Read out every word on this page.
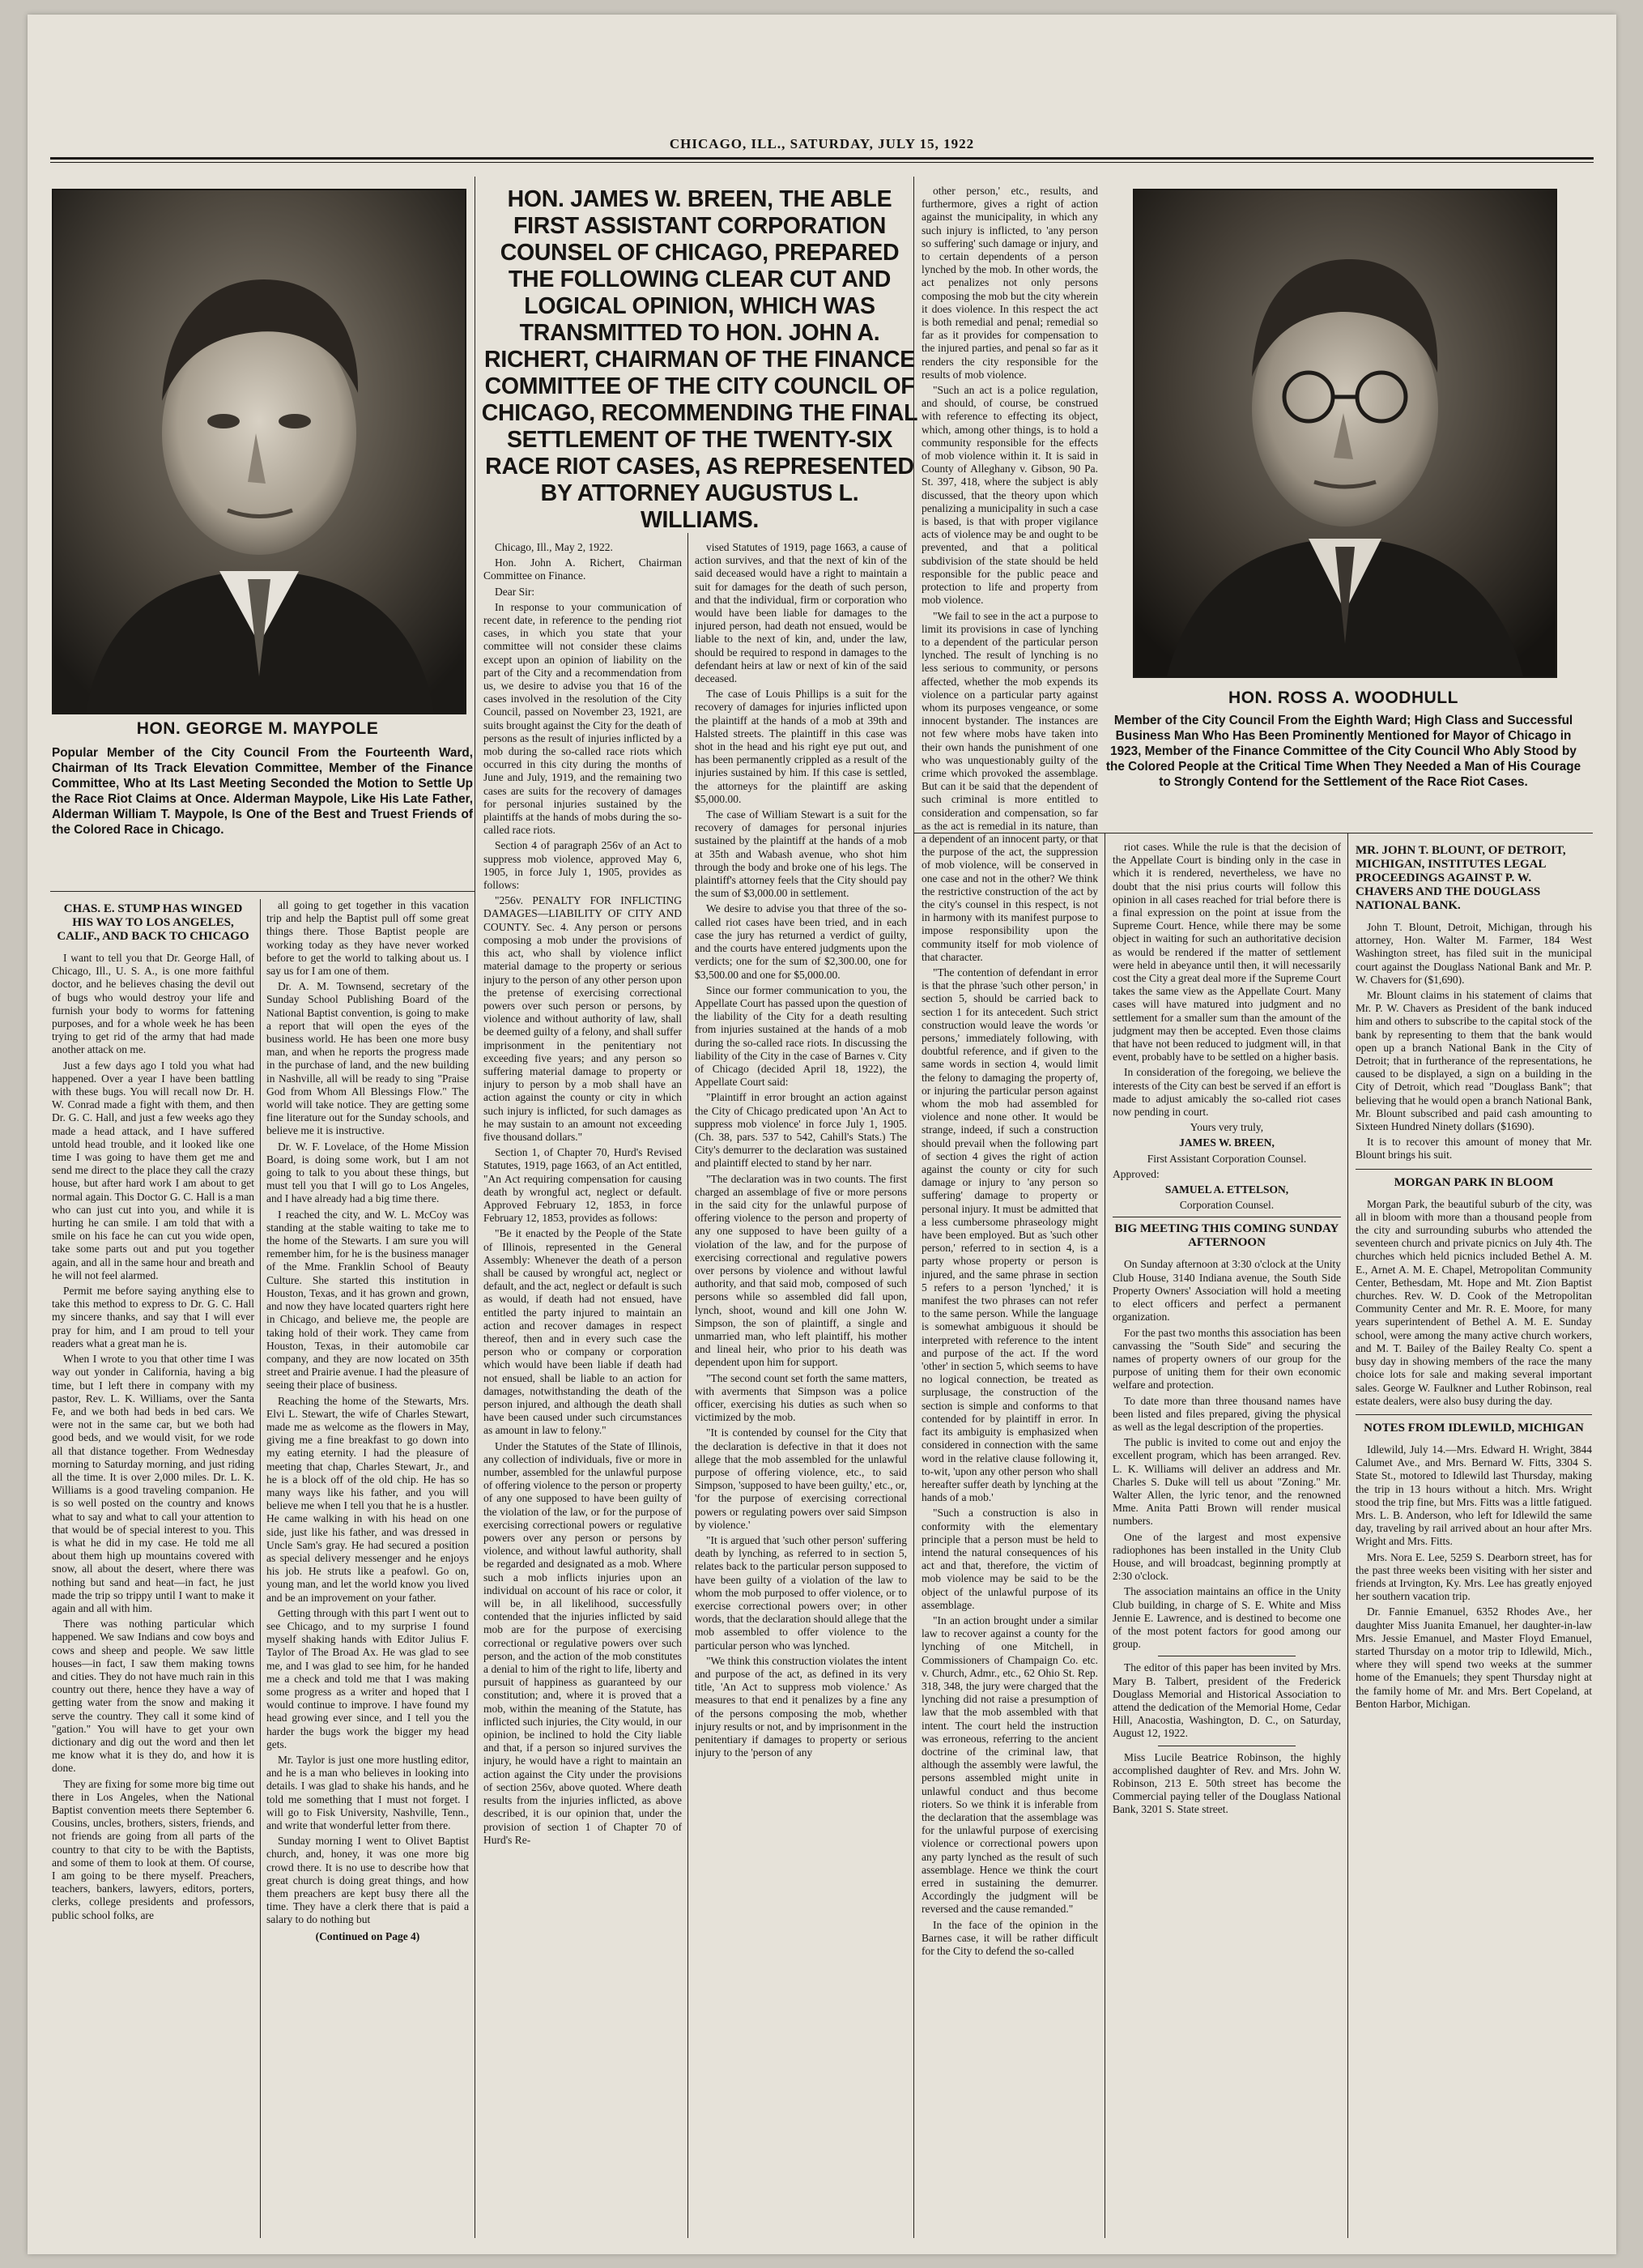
CHICAGO, ILL., SATURDAY, JULY 15, 1922
HON. GEORGE M. MAYPOLE
Popular Member of the City Council From the Fourteenth Ward, Chairman of Its Track Elevation Committee, Member of the Finance Committee, Who at Its Last Meeting Seconded the Motion to Settle Up the Race Riot Claims at Once. Alderman Maypole, Like His Late Father, Alderman William T. Maypole, Is One of the Best and Truest Friends of the Colored Race in Chicago.
HON. ROSS A. WOODHULL
Member of the City Council From the Eighth Ward; High Class and Successful Business Man Who Has Been Prominently Mentioned for Mayor of Chicago in 1923, Member of the Finance Committee of the City Council Who Ably Stood by the Colored People at the Critical Time When They Needed a Man of His Courage to Strongly Contend for the Settlement of the Race Riot Cases.
HON. JAMES W. BREEN, THE ABLE FIRST ASSISTANT CORPORATION COUNSEL OF CHICAGO, PREPARED THE FOLLOWING CLEAR CUT AND LOGICAL OPINION, WHICH WAS TRANSMITTED TO HON. JOHN A. RICHERT, CHAIRMAN OF THE FINANCE COMMITTEE OF THE CITY COUNCIL OF CHICAGO, RECOMMENDING THE FINAL SETTLEMENT OF THE TWENTY-SIX RACE RIOT CASES, AS REPRESENTED BY ATTORNEY AUGUSTUS L. WILLIAMS.

Chicago, Ill., May 2, 1922.

Hon. John A. Richert, Chairman Committee on Finance.

Dear Sir:

In response to your communication of recent date, in reference to the pending riot cases, in which you state that your committee will not consider these claims except upon an opinion of liability on the part of the City and a recommendation from us, we desire to advise you that 16 of the cases involved in the resolution of the City Council, passed on November 23, 1921, are suits brought against the City for the death of persons as the result of injuries inflicted by a mob during the so-called race riots which occurred in this city during the months of June and July, 1919, and the remaining two cases are suits for the recovery of damages for personal injuries sustained by the plaintiffs at the hands of mobs during the so-called race riots.

Section 4 of paragraph 256v of an Act to suppress mob violence, approved May 6, 1905, in force July 1, 1905, provides as follows:

"256v. PENALTY FOR INFLICTING DAMAGES—LIABILITY OF CITY AND COUNTY. Sec. 4. Any person or persons composing a mob under the provisions of this act, who shall by violence inflict material damage to the property or serious injury to the person of any other person upon the pretense of exercising correctional powers over such person or persons, by violence and without authority of law, shall be deemed guilty of a felony, and shall suffer imprisonment in the penitentiary not exceeding five years; and any person so suffering material damage to property or injury to person by a mob shall have an action against the county or city in which such injury is inflicted, for such damages as he may sustain to an amount not exceeding five thousand dollars."

Section 1, of Chapter 70, Hurd's Revised Statutes, 1919, page 1663, of an Act entitled, "An Act requiring compensation for causing death by wrongful act, neglect or default. Approved February 12, 1853, in force February 12, 1853, provides as follows:

"Be it enacted by the People of the State of Illinois, represented in the General Assembly: Whenever the death of a person shall be caused by wrongful act, neglect or default, and the act, neglect or default is such as would, if death had not ensued, have entitled the party injured to maintain an action and recover damages in respect thereof, then and in every such case the person who or company or corporation which would have been liable if death had not ensued, shall be liable to an action for damages, notwithstanding the death of the person injured, and although the death shall have been caused under such circumstances as amount in law to felony."

Under the Statutes of the State of Illinois, any collection of individuals, five or more in number, assembled for the unlawful purpose of offering violence to the person or property of any one supposed to have been guilty of the violation of the law, or for the purpose of exercising correctional powers or regulative powers over any person or persons by violence, and without lawful authority, shall be regarded and designated as a mob. Where such a mob inflicts injuries upon an individual on account of his race or color, it will be, in all likelihood, successfully contended that the injuries inflicted by said mob are for the purpose of exercising correctional or regulative powers over such person, and the action of the mob constitutes a denial to him of the right to life, liberty and pursuit of happiness as guaranteed by our constitution; and, where it is proved that a mob, within the meaning of the Statute, has inflicted such injuries, the City would, in our opinion, be inclined to hold the City liable and that, if a person so injured survives the injury, he would have a right to maintain an action against the City under the provisions of section 256v, above quoted. Where death results from the injuries inflicted, as above described, it is our opinion that, under the provision of section 1 of Chapter 70 of Hurd's Re-

vised Statutes of 1919, page 1663, a cause of action survives, and that the next of kin of the said deceased would have a right to maintain a suit for damages for the death of such person, and that the individual, firm or corporation who would have been liable for damages to the injured person, had death not ensued, would be liable to the next of kin, and, under the law, should be required to respond in damages to the defendant heirs at law or next of kin of the said deceased.

The case of Louis Phillips is a suit for the recovery of damages for injuries inflicted upon the plaintiff at the hands of a mob at 39th and Halsted streets. The plaintiff in this case was shot in the head and his right eye put out, and has been permanently crippled as a result of the injuries sustained by him. If this case is settled, the attorneys for the plaintiff are asking $5,000.00.

The case of William Stewart is a suit for the recovery of damages for personal injuries sustained by the plaintiff at the hands of a mob at 35th and Wabash avenue, who shot him through the body and broke one of his legs. The plaintiff's attorney feels that the City should pay the sum of $3,000.00 in settlement.

We desire to advise you that three of the so-called riot cases have been tried, and in each case the jury has returned a verdict of guilty, and the courts have entered judgments upon the verdicts; one for the sum of $2,300.00, one for $3,500.00 and one for $5,000.00.

Since our former communication to you, the Appellate Court has passed upon the question of the liability of the City for a death resulting from injuries sustained at the hands of a mob during the so-called race riots. In discussing the liability of the City in the case of Barnes v. City of Chicago (decided April 18, 1922), the Appellate Court said:

"Plaintiff in error brought an action against the City of Chicago predicated upon 'An Act to suppress mob violence' in force July 1, 1905. (Ch. 38, pars. 537 to 542, Cahill's Stats.) The City's demurrer to the declaration was sustained and plaintiff elected to stand by her narr.

"The declaration was in two counts. The first charged an assemblage of five or more persons in the said city for the unlawful purpose of offering violence to the person and property of any one supposed to have been guilty of a violation of the law, and for the purpose of exercising correctional and regulative powers over persons by violence and without lawful authority, and that said mob, composed of such persons while so assembled did fall upon, lynch, shoot, wound and kill one John W. Simpson, the son of plaintiff, a single and unmarried man, who left plaintiff, his mother and lineal heir, who prior to his death was dependent upon him for support.

"The second count set forth the same matters, with averments that Simpson was a police officer, exercising his duties as such when so victimized by the mob.

"It is contended by counsel for the City that the declaration is defective in that it does not allege that the mob assembled for the unlawful purpose of offering violence, etc., to said Simpson, 'supposed to have been guilty,' etc., or, 'for the purpose of exercising correctional powers or regulating powers over said Simpson by violence.'

"It is argued that 'such other person' suffering death by lynching, as referred to in section 5, relates back to the particular person supposed to have been guilty of a violation of the law to whom the mob purposed to offer violence, or to exercise correctional powers over; in other words, that the declaration should allege that the mob assembled to offer violence to the particular person who was lynched.

"We think this construction violates the intent and purpose of the act, as defined in its very title, 'An Act to suppress mob violence.' As measures to that end it penalizes by a fine any of the persons composing the mob, whether injury results or not, and by imprisonment in the penitentiary if damages to property or serious injury to the 'person of any

other person,' etc., results, and furthermore, gives a right of action against the municipality, in which any such injury is inflicted, to 'any person so suffering' such damage or injury, and to certain dependents of a person lynched by the mob. In other words, the act penalizes not only persons composing the mob but the city wherein it does violence. In this respect the act is both remedial and penal; remedial so far as it provides for compensation to the injured parties, and penal so far as it renders the city responsible for the results of mob violence.

"Such an act is a police regulation, and should, of course, be construed with reference to effecting its object, which, among other things, is to hold a community responsible for the effects of mob violence within it. It is said in County of Alleghany v. Gibson, 90 Pa. St. 397, 418, where the subject is ably discussed, that the theory upon which penalizing a municipality in such a case is based, is that with proper vigilance acts of violence may be and ought to be prevented, and that a political subdivision of the state should be held responsible for the public peace and protection to life and property from mob violence.

"We fail to see in the act a purpose to limit its provisions in case of lynching to a dependent of the particular person lynched. The result of lynching is no less serious to community, or persons affected, whether the mob expends its violence on a particular party against whom its purposes vengeance, or some innocent bystander. The instances are not few where mobs have taken into their own hands the punishment of one who was unquestionably guilty of the crime which provoked the assemblage. But can it be said that the dependent of such criminal is more entitled to consideration and compensation, so far as the act is remedial in its nature, than a dependent of an innocent party, or that the purpose of the act, the suppression of mob violence, will be conserved in one case and not in the other? We think the restrictive construction of the act by the city's counsel in this respect, is not in harmony with its manifest purpose to impose responsibility upon the community itself for mob violence of that character.

"The contention of defendant in error is that the phrase 'such other person,' in section 5, should be carried back to section 1 for its antecedent. Such strict construction would leave the words 'or persons,' immediately following, with doubtful reference, and if given to the same words in section 4, would limit the felony to damaging the property of, or injuring the particular person against whom the mob had assembled for violence and none other. It would be strange, indeed, if such a construction should prevail when the following part of section 4 gives the right of action against the county or city for such damage or injury to 'any person so suffering' damage to property or personal injury. It must be admitted that a less cumbersome phraseology might have been employed. But as 'such other person,' referred to in section 4, is a party whose property or person is injured, and the same phrase in section 5 refers to a person 'lynched,' it is manifest the two phrases can not refer to the same person. While the language is somewhat ambiguous it should be interpreted with reference to the intent and purpose of the act. If the word 'other' in section 5, which seems to have no logical connection, be treated as surplusage, the construction of the section is simple and conforms to that contended for by plaintiff in error. In fact its ambiguity is emphasized when considered in connection with the same word in the relative clause following it, to-wit, 'upon any other person who shall hereafter suffer death by lynching at the hands of a mob.'

"Such a construction is also in conformity with the elementary principle that a person must be held to intend the natural consequences of his act and that, therefore, the victim of mob violence may be said to be the object of the unlawful purpose of its assemblage.

"In an action brought under a similar law to recover against a county for the lynching of one Mitchell, in Commissioners of Champaign Co. etc. v. Church, Admr., etc., 62 Ohio St. Rep. 318, 348, the jury were charged that the lynching did not raise a presumption of law that the mob assembled with that intent. The court held the instruction was erroneous, referring to the ancient doctrine of the criminal law, that although the assembly were lawful, the persons assembled might unite in unlawful conduct and thus become rioters. So we think it is inferable from the declaration that the assemblage was for the unlawful purpose of exercising violence or correctional powers upon any party lynched as the result of such assemblage. Hence we think the court erred in sustaining the demurrer. Accordingly the judgment will be reversed and the cause remanded."

In the face of the opinion in the Barnes case, it will be rather difficult for the City to defend the so-called

riot cases. While the rule is that the decision of the Appellate Court is binding only in the case in which it is rendered, nevertheless, we have no doubt that the nisi prius courts will follow this opinion in all cases reached for trial before there is a final expression on the point at issue from the Supreme Court. Hence, while there may be some object in waiting for such an authoritative decision as would be rendered if the matter of settlement were held in abeyance until then, it will necessarily cost the City a great deal more if the Supreme Court takes the same view as the Appellate Court. Many cases will have matured into judgment and no settlement for a smaller sum than the amount of the judgment may then be accepted. Even those claims that have not been reduced to judgment will, in that event, probably have to be settled on a higher basis.

In consideration of the foregoing, we believe the interests of the City can best be served if an effort is made to adjust amicably the so-called riot cases now pending in court.

Yours very truly,

JAMES W. BREEN,

First Assistant Corporation Counsel.

Approved:

SAMUEL A. ETTELSON,

Corporation Counsel.

BIG MEETING THIS COMING SUNDAY AFTERNOON

On Sunday afternoon at 3:30 o'clock at the Unity Club House, 3140 Indiana avenue, the South Side Property Owners' Association will hold a meeting to elect officers and perfect a permanent organization.

For the past two months this association has been canvassing the "South Side" and securing the names of property owners of our group for the purpose of uniting them for their own economic welfare and protection.

To date more than three thousand names have been listed and files prepared, giving the physical as well as the legal description of the properties.

The public is invited to come out and enjoy the excellent program, which has been arranged. Rev. L. K. Williams will deliver an address and Mr. Charles S. Duke will tell us about "Zoning." Mr. Walter Allen, the lyric tenor, and the renowned Mme. Anita Patti Brown will render musical numbers.

One of the largest and most expensive radiophones has been installed in the Unity Club House, and will broadcast, beginning promptly at 2:30 o'clock.

The association maintains an office in the Unity Club building, in charge of S. E. White and Miss Jennie E. Lawrence, and is destined to become one of the most potent factors for good among our group.

The editor of this paper has been invited by Mrs. Mary B. Talbert, president of the Frederick Douglass Memorial and Historical Association to attend the dedication of the Memorial Home, Cedar Hill, Anacostia, Washington, D. C., on Saturday, August 12, 1922.

Miss Lucile Beatrice Robinson, the highly accomplished daughter of Rev. and Mrs. John W. Robinson, 213 E. 50th street has become the Commercial paying teller of the Douglass National Bank, 3201 S. State street.

MR. JOHN T. BLOUNT, OF DETROIT, MICHIGAN, INSTITUTES LEGAL PROCEEDINGS AGAINST P. W. CHAVERS AND THE DOUGLASS NATIONAL BANK.

John T. Blount, Detroit, Michigan, through his attorney, Hon. Walter M. Farmer, 184 West Washington street, has filed suit in the municipal court against the Douglass National Bank and Mr. P. W. Chavers for ($1,690).

Mr. Blount claims in his statement of claims that Mr. P. W. Chavers as President of the bank induced him and others to subscribe to the capital stock of the bank by representing to them that the bank would open up a branch National Bank in the City of Detroit; that in furtherance of the representations, he caused to be displayed, a sign on a building in the City of Detroit, which read "Douglass Bank"; that believing that he would open a branch National Bank, Mr. Blount subscribed and paid cash amounting to Sixteen Hundred Ninety dollars ($1690).

It is to recover this amount of money that Mr. Blount brings his suit.

MORGAN PARK IN BLOOM

Morgan Park, the beautiful suburb of the city, was all in bloom with more than a thousand people from the city and surrounding suburbs who attended the seventeen church and private picnics on July 4th. The churches which held picnics included Bethel A. M. E., Arnet A. M. E. Chapel, Metropolitan Community Center, Bethesdam, Mt. Hope and Mt. Zion Baptist churches. Rev. W. D. Cook of the Metropolitan Community Center and Mr. R. E. Moore, for many years superintendent of Bethel A. M. E. Sunday school, were among the many active church workers, and M. T. Bailey of the Bailey Realty Co. spent a busy day in showing members of the race the many choice lots for sale and making several important sales. George W. Faulkner and Luther Robinson, real estate dealers, were also busy during the day.

NOTES FROM IDLEWILD, MICHIGAN

Idlewild, July 14.—Mrs. Edward H. Wright, 3844 Calumet Ave., and Mrs. Bernard W. Fitts, 3304 S. State St., motored to Idlewild last Thursday, making the trip in 13 hours without a hitch. Mrs. Wright stood the trip fine, but Mrs. Fitts was a little fatigued. Mrs. L. B. Anderson, who left for Idlewild the same day, traveling by rail arrived about an hour after Mrs. Wright and Mrs. Fitts.

Mrs. Nora E. Lee, 5259 S. Dearborn street, has for the past three weeks been visiting with her sister and friends at Irvington, Ky. Mrs. Lee has greatly enjoyed her southern vacation trip.

Dr. Fannie Emanuel, 6352 Rhodes Ave., her daughter Miss Juanita Emanuel, her daughter-in-law Mrs. Jessie Emanuel, and Master Floyd Emanuel, started Thursday on a motor trip to Idlewild, Mich., where they will spend two weeks at the summer home of the Emanuels; they spent Thursday night at the family home of Mr. and Mrs. Bert Copeland, at Benton Harbor, Michigan.

CHAS. E. STUMP HAS WINGED HIS WAY TO LOS ANGELES, CALIF., AND BACK TO CHICAGO

I want to tell you that Dr. George Hall, of Chicago, Ill., U. S. A., is one more faithful doctor, and he believes chasing the devil out of bugs who would destroy your life and furnish your body to worms for fattening purposes, and for a whole week he has been trying to get rid of the army that had made another attack on me.

Just a few days ago I told you what had happened. Over a year I have been battling with these bugs. You will recall now Dr. H. W. Conrad made a fight with them, and then Dr. G. C. Hall, and just a few weeks ago they made a head attack, and I have suffered untold head trouble, and it looked like one time I was going to have them get me and send me direct to the place they call the crazy house, but after hard work I am about to get normal again. This Doctor G. C. Hall is a man who can just cut into you, and while it is hurting he can smile. I am told that with a smile on his face he can cut you wide open, take some parts out and put you together again, and all in the same hour and breath and he will not feel alarmed.

Permit me before saying anything else to take this method to express to Dr. G. C. Hall my sincere thanks, and say that I will ever pray for him, and I am proud to tell your readers what a great man he is.

When I wrote to you that other time I was way out yonder in California, having a big time, but I left there in company with my pastor, Rev. L. K. Williams, over the Santa Fe, and we both had beds in bed cars. We were not in the same car, but we both had good beds, and we would visit, for we rode all that distance together. From Wednesday morning to Saturday morning, and just riding all the time. It is over 2,000 miles. Dr. L. K. Williams is a good traveling companion. He is so well posted on the country and knows what to say and what to call your attention to that would be of special interest to you. This is what he did in my case. He told me all about them high up mountains covered with snow, all about the desert, where there was nothing but sand and heat—in fact, he just made the trip so trippy until I want to make it again and all with him.

There was nothing particular which happened. We saw Indians and cow boys and cows and sheep and people. We saw little houses—in fact, I saw them making towns and cities. They do not have much rain in this country out there, hence they have a way of getting water from the snow and making it serve the country. They call it some kind of "gation." You will have to get your own dictionary and dig out the word and then let me know what it is they do, and how it is done.

They are fixing for some more big time out there in Los Angeles, when the National Baptist convention meets there September 6. Cousins, uncles, brothers, sisters, friends, and not friends are going from all parts of the country to that city to be with the Baptists, and some of them to look at them. Of course, I am going to be there myself. Preachers, teachers, bankers, lawyers, editors, porters, clerks, college presidents and professors, public school folks, are

all going to get together in this vacation trip and help the Baptist pull off some great things there. Those Baptist people are working today as they have never worked before to get the world to talking about us. I say us for I am one of them.

Dr. A. M. Townsend, secretary of the Sunday School Publishing Board of the National Baptist convention, is going to make a report that will open the eyes of the business world. He has been one more busy man, and when he reports the progress made in the purchase of land, and the new building in Nashville, all will be ready to sing "Praise God from Whom All Blessings Flow." The world will take notice. They are getting some fine literature out for the Sunday schools, and believe me it is instructive.

Dr. W. F. Lovelace, of the Home Mission Board, is doing some work, but I am not going to talk to you about these things, but must tell you that I will go to Los Angeles, and I have already had a big time there.

I reached the city, and W. L. McCoy was standing at the stable waiting to take me to the home of the Stewarts. I am sure you will remember him, for he is the business manager of the Mme. Franklin School of Beauty Culture. She started this institution in Houston, Texas, and it has grown and grown, and now they have located quarters right here in Chicago, and believe me, the people are taking hold of their work. They came from Houston, Texas, in their automobile car company, and they are now located on 35th street and Prairie avenue. I had the pleasure of seeing their place of business.

Reaching the home of the Stewarts, Mrs. Elvi L. Stewart, the wife of Charles Stewart, made me as welcome as the flowers in May, giving me a fine breakfast to go down into my eating eternity. I had the pleasure of meeting that chap, Charles Stewart, Jr., and he is a block off of the old chip. He has so many ways like his father, and you will believe me when I tell you that he is a hustler. He came walking in with his head on one side, just like his father, and was dressed in Uncle Sam's gray. He had secured a position as special delivery messenger and he enjoys his job. He struts like a peafowl. Go on, young man, and let the world know you lived and be an improvement on your father.

Getting through with this part I went out to see Chicago, and to my surprise I found myself shaking hands with Editor Julius F. Taylor of The Broad Ax. He was glad to see me, and I was glad to see him, for he handed me a check and told me that I was making some progress as a writer and hoped that I would continue to improve. I have found my head growing ever since, and I tell you the harder the bugs work the bigger my head gets.

Mr. Taylor is just one more hustling editor, and he is a man who believes in looking into details. I was glad to shake his hands, and he told me something that I must not forget. I will go to Fisk University, Nashville, Tenn., and write that wonderful letter from there.

Sunday morning I went to Olivet Baptist church, and, honey, it was one more big crowd there. It is no use to describe how that great church is doing great things, and how them preachers are kept busy there all the time. They have a clerk there that is paid a salary to do nothing but

(Continued on Page 4)
